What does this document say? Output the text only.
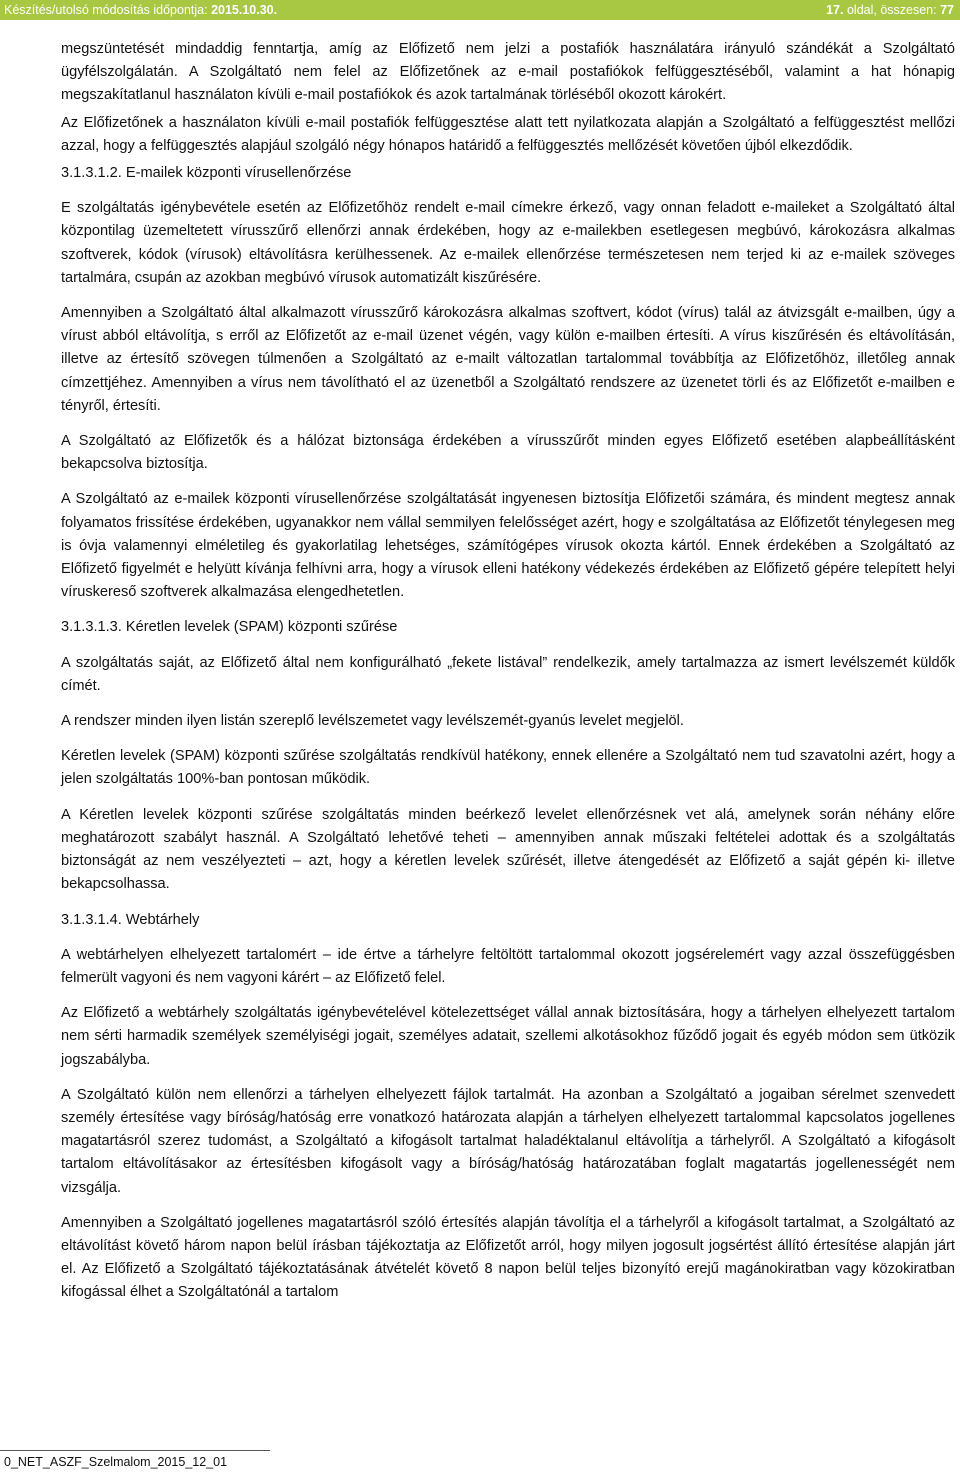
Készítés/utolsó módosítás időpontja: 2015.10.30.	17. oldal, összesen: 77

megszüntetését mindaddig fenntartja, amíg az Előfizető nem jelzi a postafiók használatára irányuló szándékát a Szolgáltató ügyfélszolgálatán. A Szolgáltató nem felel az Előfizetőnek az e-mail postafiókok felfüggesztéséből, valamint a hat hónapig megszakítatlanul használaton kívüli e-mail postafiókok és azok tartalmának törléséből okozott károkért.

Az Előfizetőnek a használaton kívüli e-mail postafiók felfüggesztése alatt tett nyilatkozata alapján a Szolgáltató a felfüggesztést mellőzi azzal, hogy a felfüggesztés alapjául szolgáló négy hónapos határidő a felfüggesztés mellőzését követően újból elkezdődik.

3.1.3.1.2. E-mailek központi vírusellenőrzése

E szolgáltatás igénybevétele esetén az Előfizetőhöz rendelt e-mail címekre érkező, vagy onnan feladott e-maileket a Szolgáltató által központilag üzemeltetett vírusszűrő ellenőrzi annak érdekében, hogy az e-mailekben esetlegesen megbúvó, károkozásra alkalmas szoftverek, kódok (vírusok) eltávolításra kerülhessenek. Az e-mailek ellenőrzése természetesen nem terjed ki az e-mailek szöveges tartalmára, csupán az azokban megbúvó vírusok automatizált kiszűrésére.

Amennyiben a Szolgáltató által alkalmazott vírusszűrő károkozásra alkalmas szoftvert, kódot (vírus) talál az átvizsgált e-mailben, úgy a vírust abból eltávolítja, s erről az Előfizetőt az e-mail üzenet végén, vagy külön e-mailben értesíti. A vírus kiszűrésén és eltávolításán, illetve az értesítő szövegen túlmenően a Szolgáltató az e-mailt változatlan tartalommal továbbítja az Előfizetőhöz, illetőleg annak címzettjéhez. Amennyiben a vírus nem távolítható el az üzenetből a Szolgáltató rendszere az üzenetet törli és az Előfizetőt e-mailben e tényről, értesíti.

A Szolgáltató az Előfizetők és a hálózat biztonsága érdekében a vírusszűrőt minden egyes Előfizető esetében alapbeállításként bekapcsolva biztosítja.

A Szolgáltató az e-mailek központi vírusellenőrzése szolgáltatását ingyenesen biztosítja Előfizetői számára, és mindent megtesz annak folyamatos frissítése érdekében, ugyanakkor nem vállal semmilyen felelősséget azért, hogy e szolgáltatása az Előfizetőt ténylegesen meg is óvja valamennyi elméletileg és gyakorlatilag lehetséges, számítógépes vírusok okozta kártól. Ennek érdekében a Szolgáltató az Előfizető figyelmét e helyütt kívánja felhívni arra, hogy a vírusok elleni hatékony védekezés érdekében az Előfizető gépére telepített helyi víruskereső szoftverek alkalmazása elengedhetetlen.

3.1.3.1.3. Kéretlen levelek (SPAM) központi szűrése

A szolgáltatás saját, az Előfizető által nem konfigurálható „fekete listával” rendelkezik, amely tartalmazza az ismert levélszemét küldők címét.

A rendszer minden ilyen listán szereplő levélszemetet vagy levélszemét-gyanús levelet megjelöl.

Kéretlen levelek (SPAM) központi szűrése szolgáltatás rendkívül hatékony, ennek ellenére a Szolgáltató nem tud szavatolni azért, hogy a jelen szolgáltatás 100%-ban pontosan működik.

A Kéretlen levelek központi szűrése szolgáltatás minden beérkező levelet ellenőrzésnek vet alá, amelynek során néhány előre meghatározott szabályt használ. A Szolgáltató lehetővé teheti – amennyiben annak műszaki feltételei adottak és a szolgáltatás biztonságát az nem veszélyezteti – azt, hogy a kéretlen levelek szűrését, illetve átengedését az Előfizető a saját gépén ki- illetve bekapcsolhassa.

3.1.3.1.4. Webtárhely

A webtárhelyen elhelyezett tartalomért – ide értve a tárhelyre feltöltött tartalommal okozott jogsérelemért vagy azzal összefüggésben felmerült vagyoni és nem vagyoni kárért – az Előfizető felel.

Az Előfizető a webtárhely szolgáltatás igénybevételével kötelezettséget vállal annak biztosítására, hogy a tárhelyen elhelyezett tartalom nem sérti harmadik személyek személyiségi jogait, személyes adatait, szellemi alkotásokhoz fűződő jogait és egyéb módon sem ütközik jogszabályba.

A Szolgáltató külön nem ellenőrzi a tárhelyen elhelyezett fájlok tartalmát. Ha azonban a Szolgáltató a jogaiban sérelmet szenvedett személy értesítése vagy bíróság/hatóság erre vonatkozó határozata alapján a tárhelyen elhelyezett tartalommal kapcsolatos jogellenes magatartásról szerez tudomást, a Szolgáltató a kifogásolt tartalmat haladéktalanul eltávolítja a tárhelyről. A Szolgáltató a kifogásolt tartalom eltávolításakor az értesítésben kifogásolt vagy a bíróság/hatóság határozatában foglalt magatartás jogellenességét nem vizsgálja.

Amennyiben a Szolgáltató jogellenes magatartásról szóló értesítés alapján távolítja el a tárhelyről a kifogásolt tartalmat, a Szolgáltató az eltávolítást követő három napon belül írásban tájékoztatja az Előfizetőt arról, hogy milyen jogosult jogsértést állító értesítése alapján járt el. Az Előfizető a Szolgáltató tájékoztatásának átvételét követő 8 napon belül teljes bizonyító erejű magánokiratban vagy közokiratban kifogással élhet a Szolgáltatónál a tartalom

0_NET_ASZF_Szelmalom_2015_12_01
